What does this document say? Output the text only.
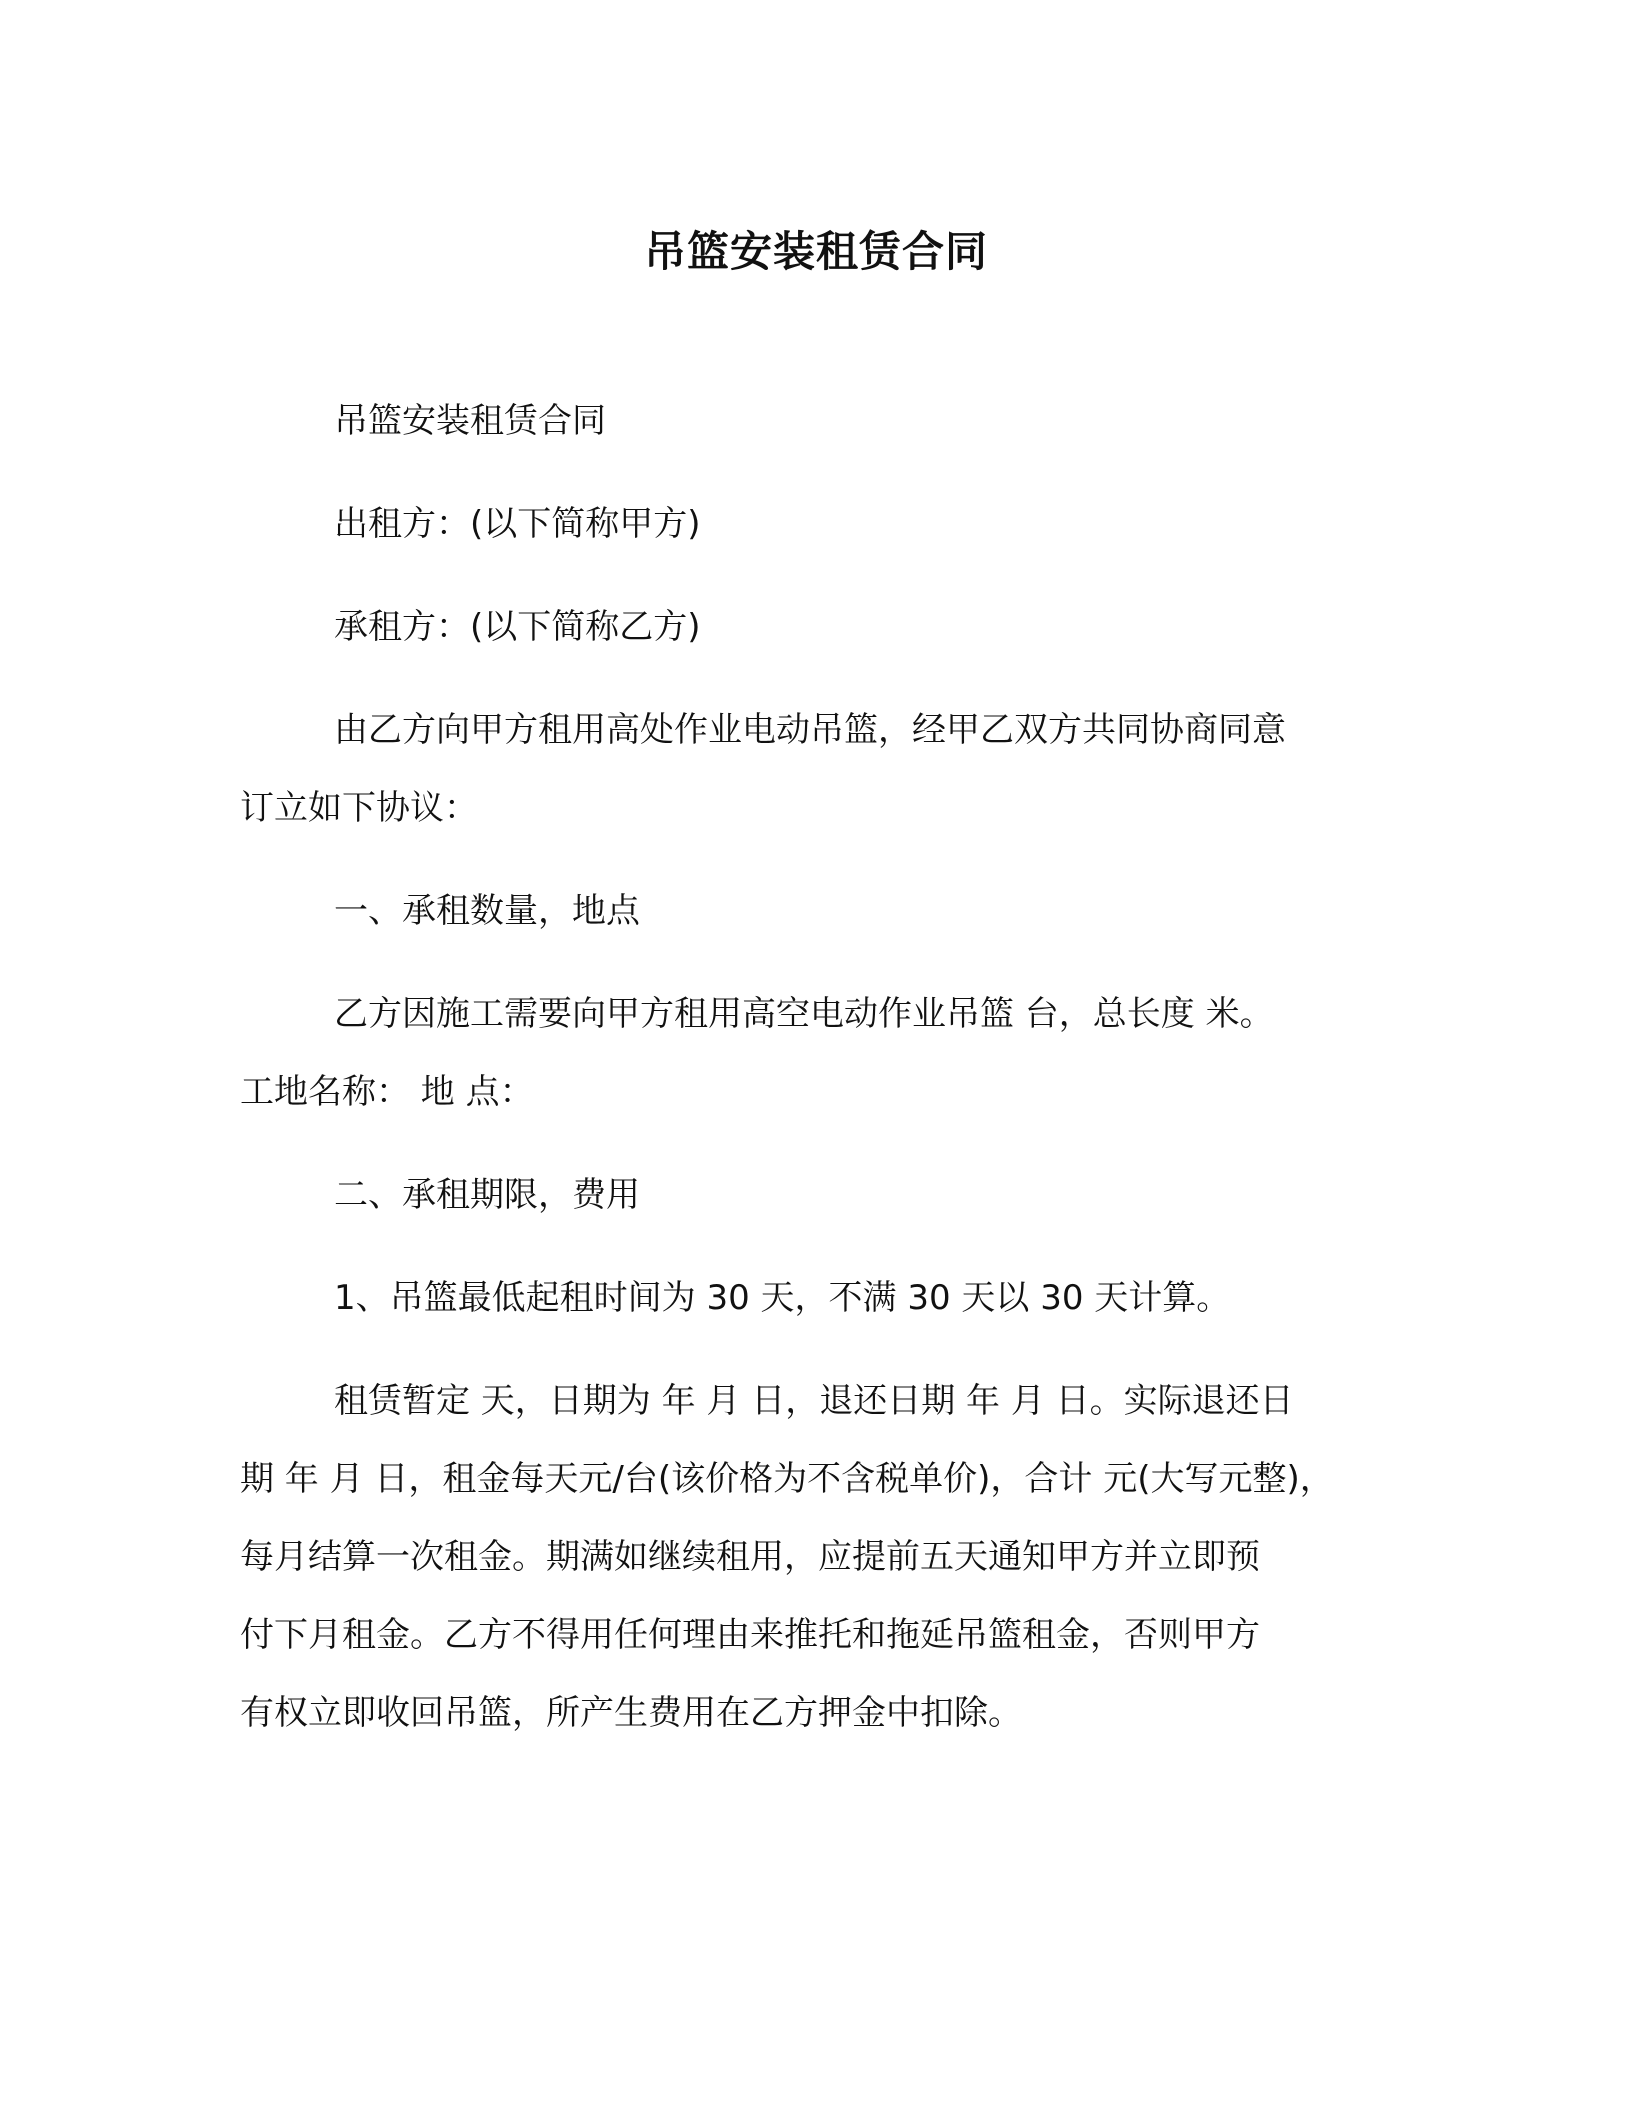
吊篮安装租赁合同
吊篮安装租赁合同
出租方：(以下简称甲方)
承租方：(以下简称乙方)
由乙方向甲方租用高处作业电动吊篮，经甲乙双方共同协商同意
订立如下协议：
一、承租数量，地点
乙方因施工需要向甲方租用高空电动作业吊篮 台，总长度 米。
工地名称： 地 点：
二、承租期限，费用
1、吊篮最低起租时间为 30 天，不满 30 天以 30 天计算。
租赁暂定 天，日期为 年 月 日，退还日期 年 月 日。实际退还日
期 年 月 日，租金每天元/台(该价格为不含税单价)，合计 元(大写元整)，
每月结算一次租金。期满如继续租用，应提前五天通知甲方并立即预
付下月租金。乙方不得用任何理由来推托和拖延吊篮租金，否则甲方
有权立即收回吊篮，所产生费用在乙方押金中扣除。
